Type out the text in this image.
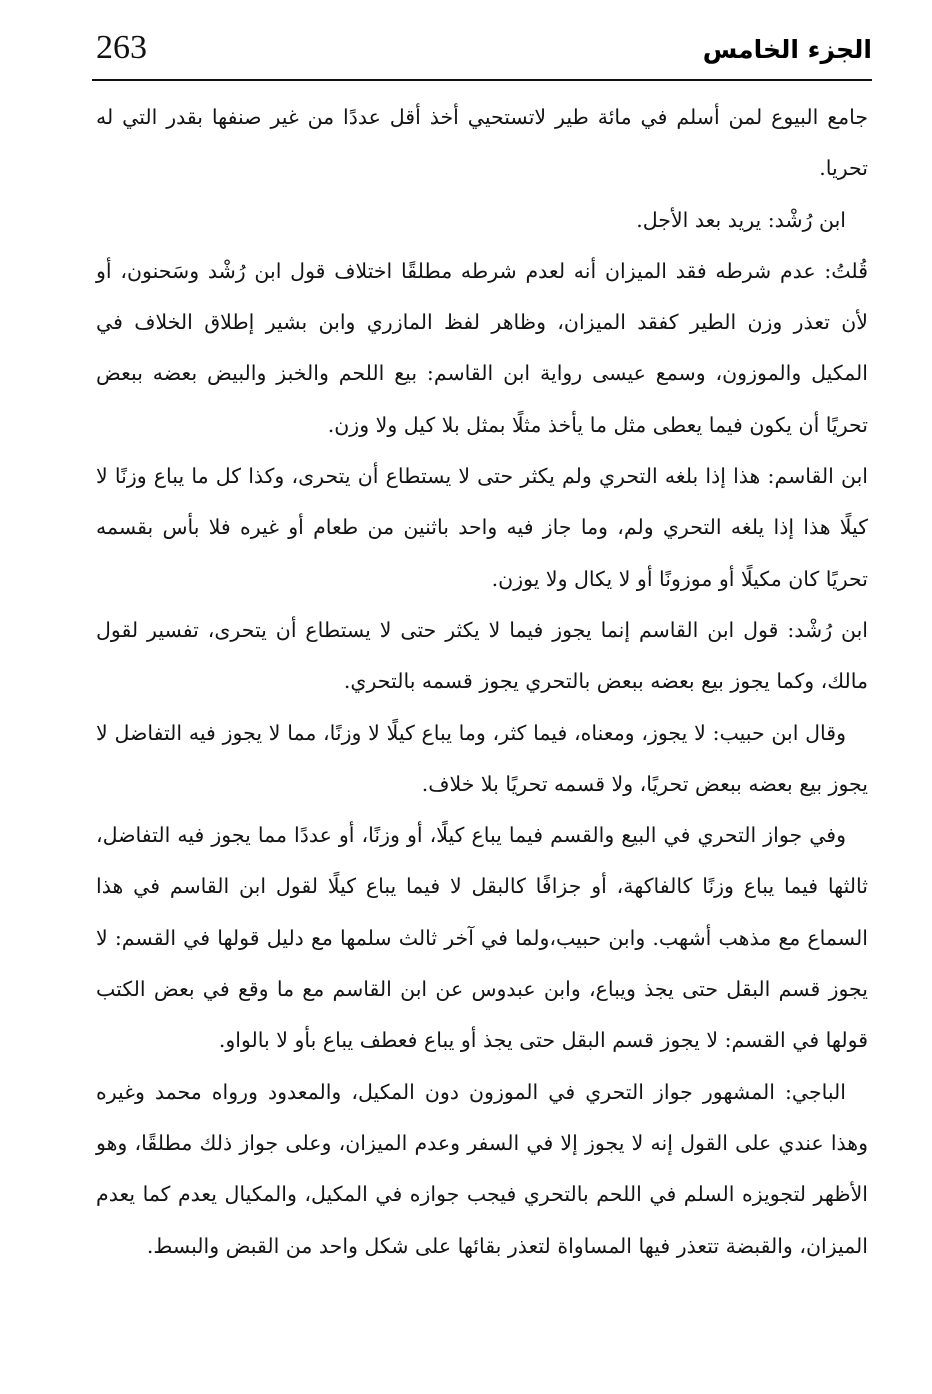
263	الجزء الخامس

جامع البيوع لمن أسلم في مائة طير لاتستحيي أخذ أقل عددًا من غير صنفها بقدر التي له تحريا.

ابن رُشْد: يريد بعد الأجل.

قُلتُ: عدم شرطه فقد الميزان أنه لعدم شرطه مطلقًا اختلاف قول ابن رُشْد وسَحنون، أو لأن تعذر وزن الطير كفقد الميزان، وظاهر لفظ المازري وابن بشير إطلاق الخلاف في المكيل والموزون، وسمع عيسى رواية ابن القاسم: بيع اللحم والخبز والبيض بعضه ببعض تحريًا أن يكون فيما يعطى مثل ما يأخذ مثلًا بمثل بلا كيل ولا وزن.

ابن القاسم: هذا إذا بلغه التحري ولم يكثر حتى لا يستطاع أن يتحرى، وكذا كل ما يباع وزنًا لا كيلًا هذا إذا يلغه التحري ولم، وما جاز فيه واحد باثنين من طعام أو غيره فلا بأس بقسمه تحريًا كان مكيلًا أو موزونًا أو لا يكال ولا يوزن.

ابن رُشْد: قول ابن القاسم إنما يجوز فيما لا يكثر حتى لا يستطاع أن يتحرى، تفسير لقول مالك، وكما يجوز بيع بعضه ببعض بالتحري يجوز قسمه بالتحري.

وقال ابن حبيب: لا يجوز، ومعناه، فيما كثر، وما يباع كيلًا لا وزنًا، مما لا يجوز فيه التفاضل لا يجوز بيع بعضه ببعض تحريًا، ولا قسمه تحريًا بلا خلاف.

وفي جواز التحري في البيع والقسم فيما يباع كيلًا، أو وزنًا، أو عددًا مما يجوز فيه التفاضل، ثالثها فيما يباع وزنًا كالفاكهة، أو جزافًا كالبقل لا فيما يباع كيلًا لقول ابن القاسم في هذا السماع مع مذهب أشهب. وابن حبيب،ولما في آخر ثالث سلمها مع دليل قولها في القسم: لا يجوز قسم البقل حتى يجذ ويباع، وابن عبدوس عن ابن القاسم مع ما وقع في بعض الكتب قولها في القسم: لا يجوز قسم البقل حتى يجذ أو يباع فعطف يباع بأو لا بالواو.

الباجي: المشهور جواز التحري في الموزون دون المكيل، والمعدود ورواه محمد وغيره وهذا عندي على القول إنه لا يجوز إلا في السفر وعدم الميزان، وعلى جواز ذلك مطلقًا، وهو الأظهر لتجويزه السلم في اللحم بالتحري فيجب جوازه في المكيل، والمكيال يعدم كما يعدم الميزان، والقبضة تتعذر فيها المساواة لتعذر بقائها على شكل واحد من القبض والبسط.
